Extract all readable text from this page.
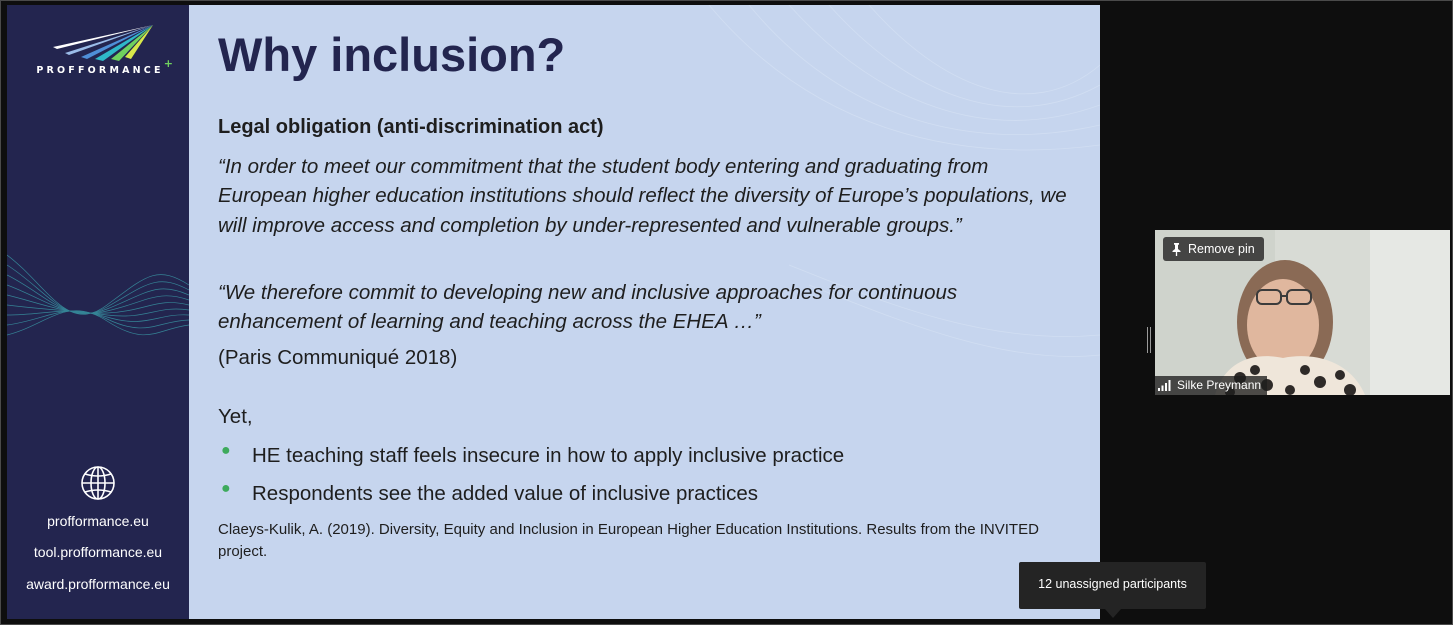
PROFFORMANCE
+
profformance.eu
tool.profformance.eu
award.profformance.eu
Why inclusion?
Legal obligation (anti-discrimination act)
“In order to meet our commitment that the student body entering and graduating from European higher education institutions should reflect the diversity of Europe’s populations, we will improve access and completion by under-represented and vulnerable groups.”
“We therefore commit to developing new and inclusive approaches for continuous enhancement of learning and teaching across the EHEA …”
(Paris Communiqué 2018)
Yet,
● HE teaching staff feels insecure in how to apply inclusive practice
● Respondents see the added value of inclusive practices
Claeys-Kulik, A. (2019). Diversity, Equity and Inclusion in European Higher Education Institutions. Results from the INVITED project.
Remove pin
Silke Preymann
12 unassigned participants
